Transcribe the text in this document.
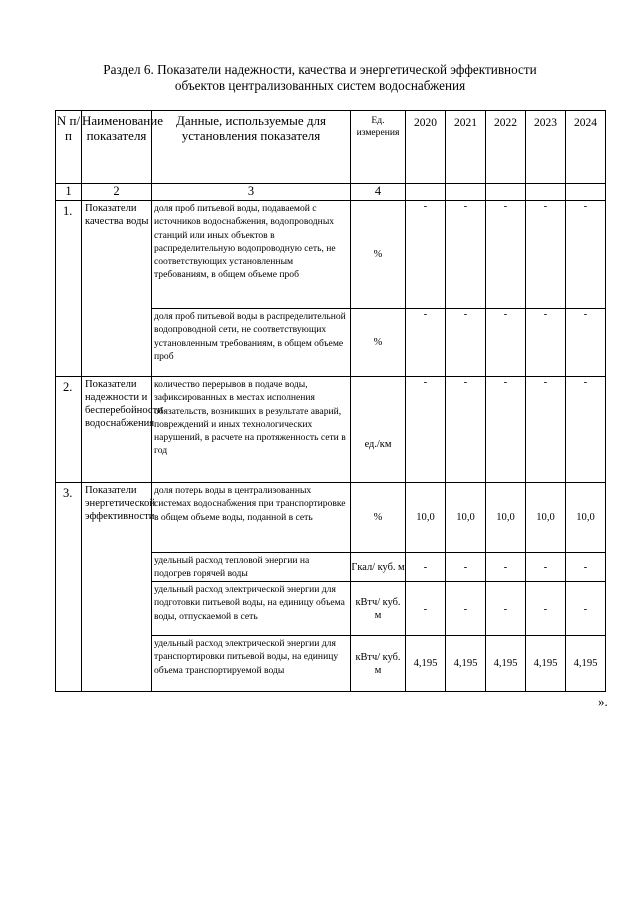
Раздел 6. Показатели надежности, качества и энергетической эффективности
объектов централизованных систем водоснабжения
N п/ п	Наименование показателя	Данные, используемые для установления показателя	Ед. измерения	2020	2021	2022	2023	2024
1	2	3	4					
1.	Показатели качества воды	доля проб питьевой воды, подаваемой с источников водоснабжения, водопроводных станций или иных объектов в распределительную водопроводную сеть, не соответствующих установленным требованиям, в общем объеме проб	%	-	-	-	-	-
		доля проб питьевой воды в распределительной водопроводной сети, не соответствующих установленным требованиям, в общем объеме проб	%	-	-	-	-	-
2.	Показатели надежности и бесперебойности водоснабжения	количество перерывов в подаче воды, зафиксированных в местах исполнения обязательств, возникших в результате аварий, повреждений и иных технологических нарушений, в расчете на протяженность сети в год	ед./км	-	-	-	-	-
3.	Показатели энергетической эффективности	доля потерь воды в централизованных системах водоснабжения при транспортировке в общем объеме воды, поданной в сеть	%	10,0	10,0	10,0	10,0	10,0
		удельный расход тепловой энергии на подогрев горячей воды	Гкал/ куб. м	-	-	-	-	-
		удельный расход электрической энергии для подготовки питьевой воды, на единицу объема воды, отпускаемой в сеть	кВтч/ куб. м	-	-	-	-	-
		удельный расход электрической энергии для транспортировки питьевой воды, на единицу объема транспортируемой воды	кВтч/ куб. м	4,195	4,195	4,195	4,195	4,195
».
